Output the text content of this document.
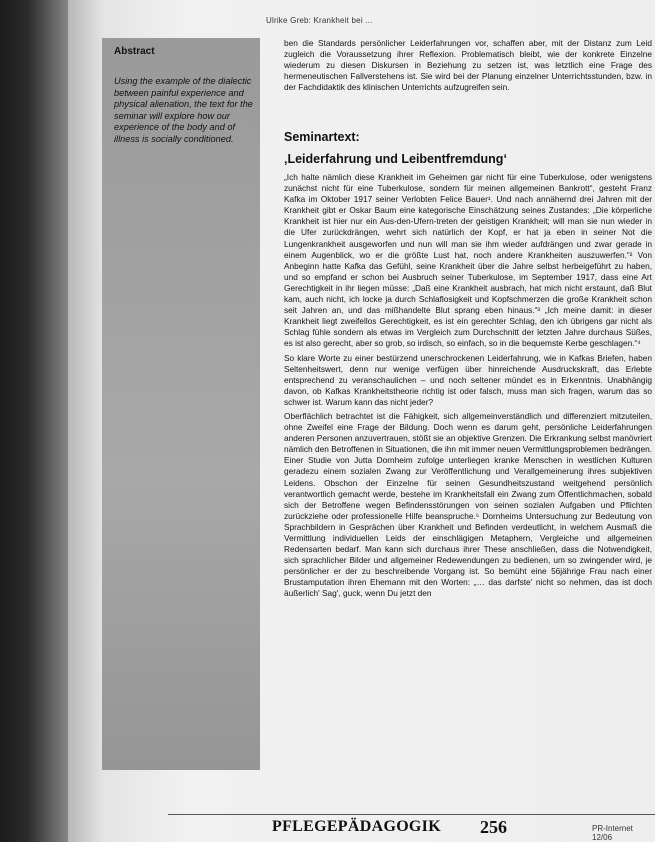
Ulrike Greb: Krankheit bei ...
Abstract
Using the example of the dialectic between painful experience and physical alienation, the text for the seminar will explore how our experience of the body and of illness is socially conditioned.

ben die Standards persönlicher Leiderfahrungen vor, schaffen aber, mit der Distanz zum Leid zugleich die Voraussetzung ihrer Reflexion. Problematisch bleibt, wie der konkrete Einzelne wiederum zu diesen Diskursen in Beziehung zu setzen ist, was letztlich eine Frage des hermeneutischen Fallverstehens ist. Sie wird bei der Planung einzelner Unterrichtsstunden, bzw. in der Fachdidaktik des klinischen Unterrichts aufzugreifen sein.

Seminartext:
‚Leiderfahrung und Leibentfremdung‘

„Ich halte nämlich diese Krankheit im Geheimen gar nicht für eine Tuberkulose, oder wenigstens zunächst nicht für eine Tuberkulose, sondern für meinen allgemeinen Bankrott“, gesteht Franz Kafka im Oktober 1917 seiner Verlobten Felice Bauer¹. Und nach annähernd drei Jahren mit der Krankheit gibt er Oskar Baum eine kategorische Einschätzung seines Zustandes: „Die körperliche Krankheit ist hier nur ein Aus-den-Ufern-treten der geistigen Krankheit; will man sie nun wieder in die Ufer zurückdrängen, wehrt sich natürlich der Kopf, er hat ja eben in seiner Not die Lungenkrankheit ausgeworfen und nun will man sie ihm wieder aufdrängen und zwar gerade in einem Augenblick, wo er die größte Lust hat, noch andere Krankheiten auszuwerfen.“² Von Anbeginn hatte Kafka das Gefühl, seine Krankheit über die Jahre selbst herbeigeführt zu haben, und so empfand er schon bei Ausbruch seiner Tuberkulose, im September 1917, dass eine Art Gerechtigkeit in ihr liegen müsse: „Daß eine Krankheit ausbrach, hat mich nicht erstaunt, daß Blut kam, auch nicht, ich locke ja durch Schlaflosigkeit und Kopfschmerzen die große Krankheit schon seit Jahren an, und das mißhandelte Blut sprang eben hinaus.“³ „Ich meine damit: in dieser Krankheit liegt zweifellos Gerechtigkeit, es ist ein gerechter Schlag, den ich übrigens gar nicht als Schlag fühle sondern als etwas im Vergleich zum Durchschnitt der letzten Jahre durchaus Süßes, es ist also gerecht, aber so grob, so irdisch, so einfach, so in die bequemste Kerbe geschlagen.“⁴

So klare Worte zu einer bestürzend unerschrockenen Leiderfahrung, wie in Kafkas Briefen, haben Seltenheitswert, denn nur wenige verfügen über hinreichende Ausdruckskraft, das Erlebte entsprechend zu veranschaulichen – und noch seltener mündet es in Erkenntnis. Unabhängig davon, ob Kafkas Krankheitstheorie richtig ist oder falsch, muss man sich fragen, warum das so schwer ist. Warum kann das nicht jeder?

Oberflächlich betrachtet ist die Fähigkeit, sich allgemeinverständlich und differenziert mitzuteilen, ohne Zweifel eine Frage der Bildung. Doch wenn es darum geht, persönliche Leiderfahrungen anderen Personen anzuvertrauen, stößt sie an objektive Grenzen. Die Erkrankung selbst manövriert nämlich den Betroffenen in Situationen, die ihn mit immer neuen Vermittlungsproblemen bedrängen. Einer Studie von Jutta Dornheim zufolge unterliegen kranke Menschen in westlichen Kulturen geradezu einem sozialen Zwang zur Veröffentlichung und Verallgemeinerung ihres subjektiven Leidens. Obschon der Einzelne für seinen Gesundheitszustand weitgehend persönlich verantwortlich gemacht werde, bestehe im Krankheitsfall ein Zwang zum Öffentlichmachen, sobald sich der Betroffene wegen Befindensstörungen von seinen sozialen Aufgaben und Pflichten zurückziehe oder professionelle Hilfe beanspruche.⁵ Dornheims Untersuchung zur Bedeutung von Sprachbildern in Gesprächen über Krankheit und Befinden verdeutlicht, in welchem Ausmaß die Vermittlung individuellen Leids der einschlägigen Metaphern, Vergleiche und allgemeinen Redensarten bedarf. Man kann sich durchaus ihrer These anschließen, dass die Notwendigkeit, sich sprachlicher Bilder und allgemeiner Redewendungen zu bedienen, um so zwingender wird, je persönlicher er der zu beschreibende Vorgang ist. So bemüht eine 56jährige Frau nach einer Brustamputation ihren Ehemann mit den Worten: „… das darfste' nicht so nehmen, das ist doch äußerlich' Sag', guck, wenn Du jetzt den

PFLEGEPÄDAGOGIK 256	PR-Internet 12/06
